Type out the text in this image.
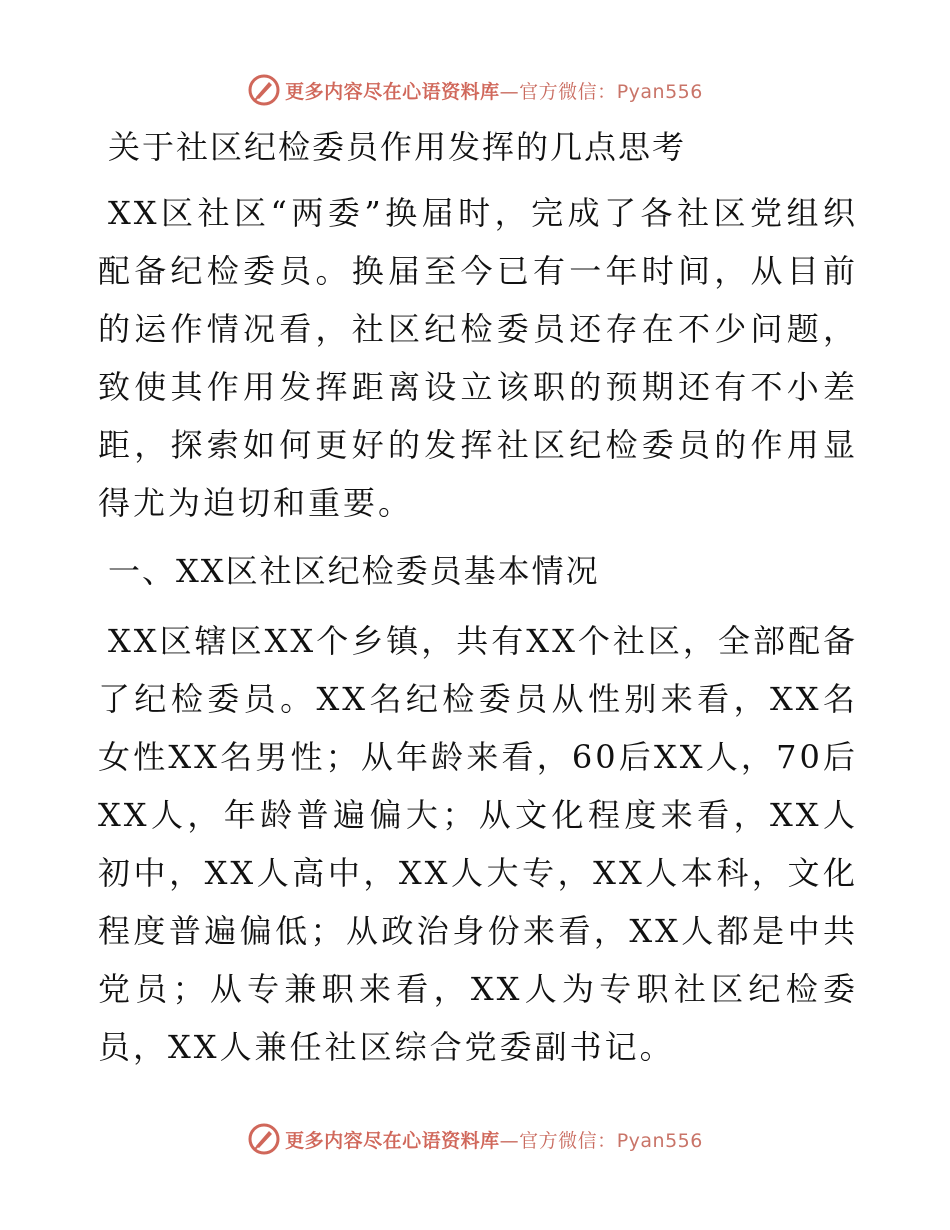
更多内容尽在心语资料库—官方微信：Pyan556
关于社区纪检委员作用发挥的几点思考

XX区社区“两委”换届时，完成了各社区党组织配备纪检委员。换届至今已有一年时间，从目前的运作情况看，社区纪检委员还存在不少问题，致使其作用发挥距离设立该职的预期还有不小差距，探索如何更好的发挥社区纪检委员的作用显得尤为迫切和重要。

一、XX区社区纪检委员基本情况

XX区辖区XX个乡镇，共有XX个社区，全部配备了纪检委员。XX名纪检委员从性别来看，XX名女性XX名男性；从年龄来看，60后XX人，70后XX人，年龄普遍偏大；从文化程度来看，XX人初中，XX人高中，XX人大专，XX人本科，文化程度普遍偏低；从政治身份来看，XX人都是中共党员；从专兼职来看，XX人为专职社区纪检委员，XX人兼任社区综合党委副书记。

更多内容尽在心语资料库—官方微信：Pyan556
